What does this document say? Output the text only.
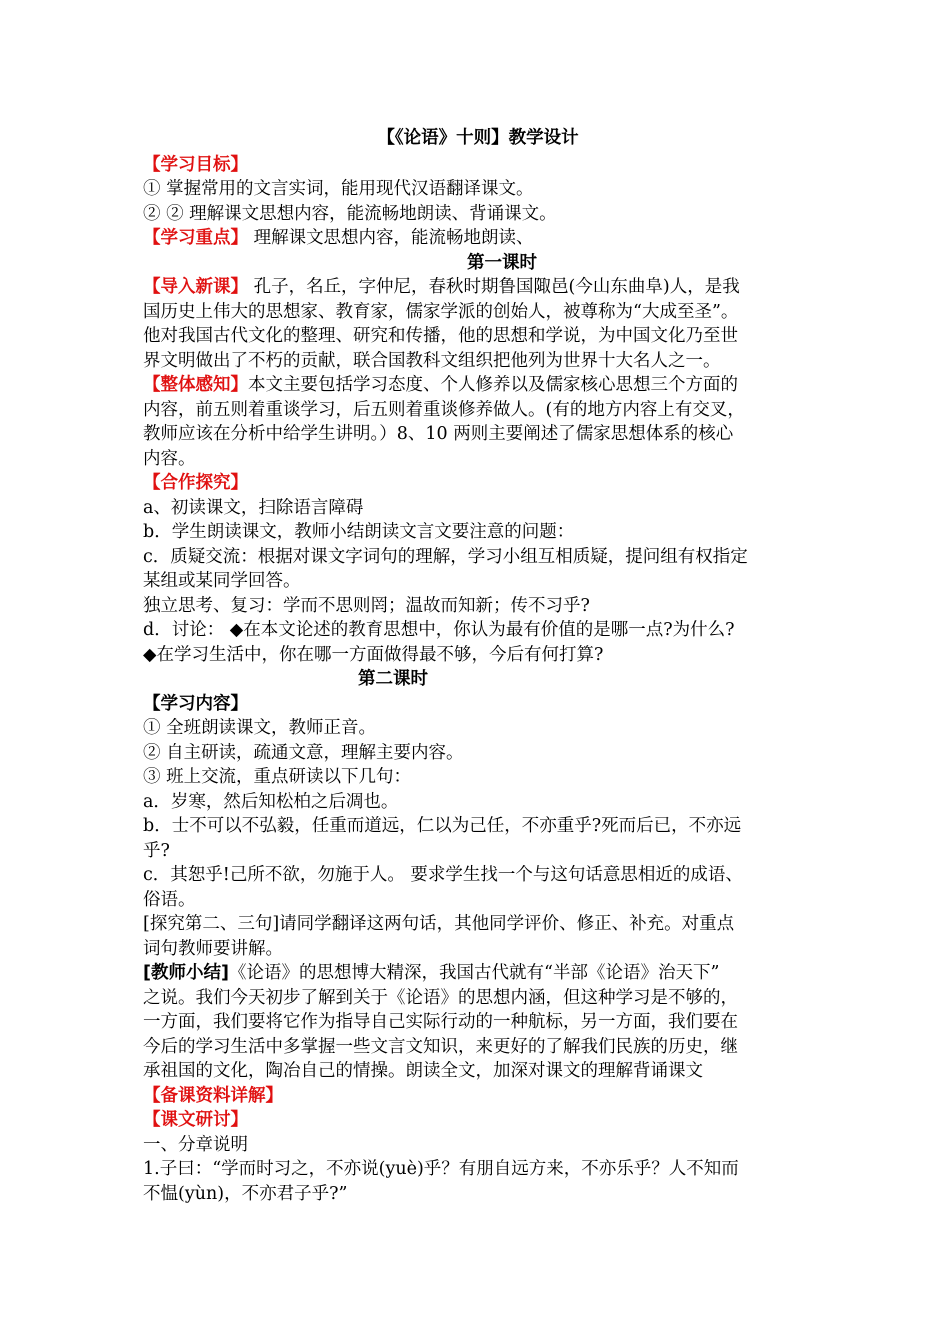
【《论语》十则】教学设计
【学习目标】
① 掌握常用的文言实词，能用现代汉语翻译课文。
② ② 理解课文思想内容，能流畅地朗读、背诵课文。
【学习重点】 理解课文思想内容，能流畅地朗读、
第一课时
【导入新课】 孔子，名丘，字仲尼，春秋时期鲁国陬邑(今山东曲阜)人，是我
国历史上伟大的思想家、教育家，儒家学派的创始人，被尊称为“大成至圣”。
他对我国古代文化的整理、研究和传播，他的思想和学说，为中国文化乃至世
界文明做出了不朽的贡献，联合国教科文组织把他列为世界十大名人之一。
【整体感知】本文主要包括学习态度、个人修养以及儒家核心思想三个方面的
内容，前五则着重谈学习，后五则着重谈修养做人。(有的地方内容上有交叉，
教师应该在分析中给学生讲明。）8、10 两则主要阐述了儒家思想体系的核心
内容。
【合作探究】
a、初读课文，扫除语言障碍
b．学生朗读课文，教师小结朗读文言文要注意的问题：
c．质疑交流：根据对课文字词句的理解，学习小组互相质疑，提问组有权指定
某组或某同学回答。
独立思考、复习：学而不思则罔；温故而知新；传不习乎?
d．讨论： ◆在本文论述的教育思想中，你认为最有价值的是哪一点?为什么?
◆在学习生活中，你在哪一方面做得最不够，今后有何打算?
第二课时
【学习内容】
① 全班朗读课文，教师正音。
② 自主研读，疏通文意，理解主要内容。
③ 班上交流，重点研读以下几句：
a．岁寒，然后知松柏之后凋也。
b．士不可以不弘毅，任重而道远，仁以为己任，不亦重乎?死而后已，不亦远
乎?
c．其恕乎!己所不欲，勿施于人。 要求学生找一个与这句话意思相近的成语、
俗语。
[探究第二、三句]请同学翻译这两句话，其他同学评价、修正、补充。对重点
词句教师要讲解。
[教师小结]《论语》的思想博大精深，我国古代就有“半部《论语》治天下”
之说。我们今天初步了解到关于《论语》的思想内涵，但这种学习是不够的，
一方面，我们要将它作为指导自己实际行动的一种航标，另一方面，我们要在
今后的学习生活中多掌握一些文言文知识，来更好的了解我们民族的历史，继
承祖国的文化，陶冶自己的情操。朗读全文，加深对课文的理解背诵课文
【备课资料详解】
【课文研讨】
一、分章说明
1.子曰：“学而时习之，不亦说(yuè)乎？有朋自远方来，不亦乐乎？人不知而
不愠(yùn)，不亦君子乎?”
